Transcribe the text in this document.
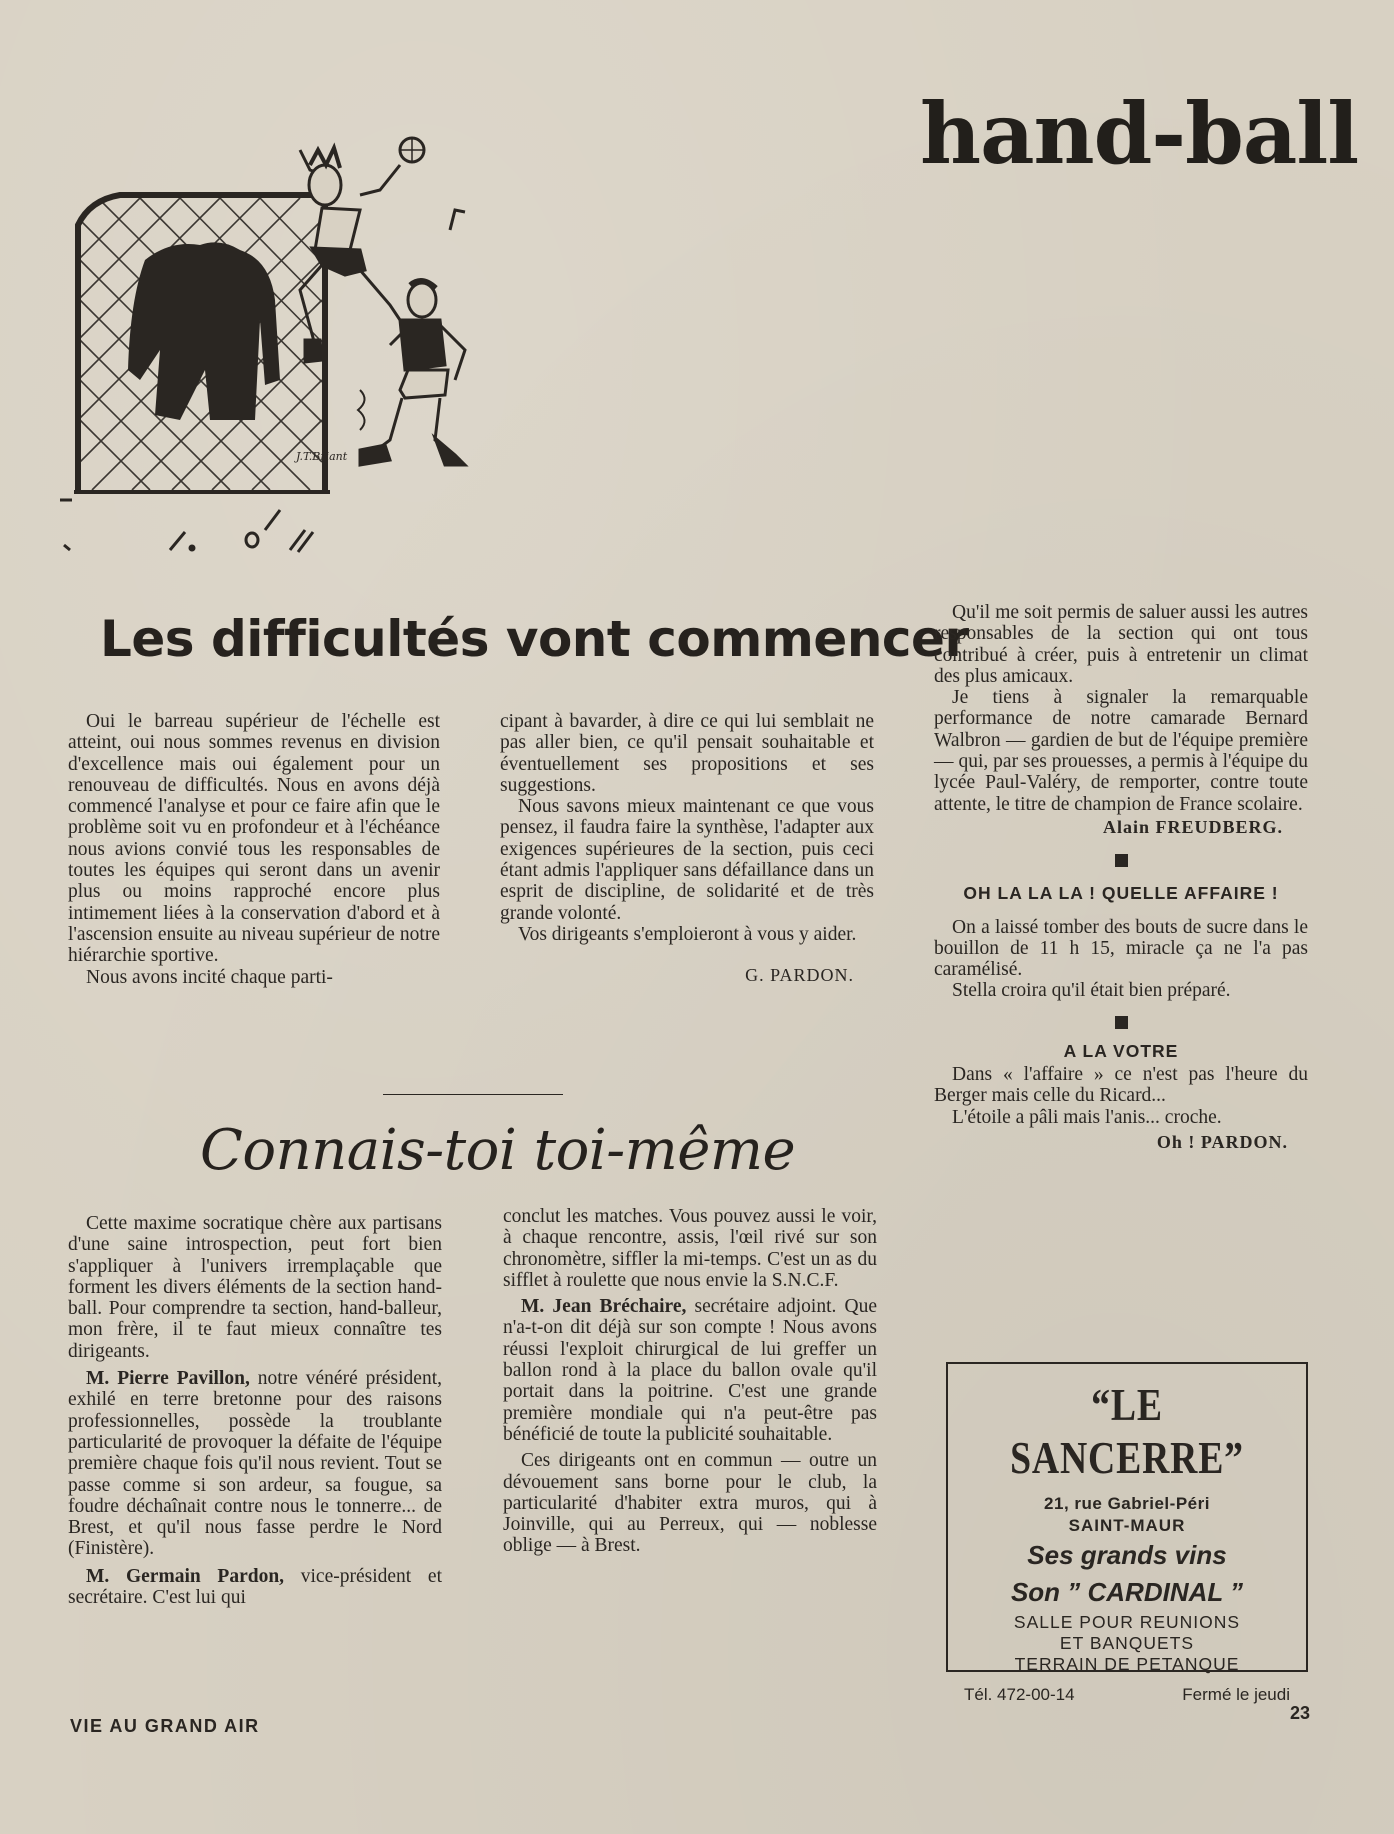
hand-ball
J.T.Briant
Les difficultés vont commencer

Oui le barreau supérieur de l'échelle est atteint, oui nous sommes revenus en division d'excellence mais oui également pour un renouveau de difficultés. Nous en avons déjà commencé l'analyse et pour ce faire afin que le problème soit vu en profondeur et à l'échéance nous avions convié tous les responsables de toutes les équipes qui seront dans un avenir plus ou moins rapproché encore plus intimement liées à la conservation d'abord et à l'ascension ensuite au niveau supérieur de notre hiérarchie sportive.

Nous avons incité chaque parti-

cipant à bavarder, à dire ce qui lui semblait ne pas aller bien, ce qu'il pensait souhaitable et éventuellement ses propositions et ses suggestions.

Nous savons mieux maintenant ce que vous pensez, il faudra faire la synthèse, l'adapter aux exigences supérieures de la section, puis ceci étant admis l'appliquer sans défaillance dans un esprit de discipline, de solidarité et de très grande volonté.

Vos dirigeants s'emploieront à vous y aider.

G. PARDON.

Connais-toi toi-même

Cette maxime socratique chère aux partisans d'une saine introspection, peut fort bien s'appliquer à l'univers irremplaçable que forment les divers éléments de la section hand-ball. Pour comprendre ta section, hand-balleur, mon frère, il te faut mieux connaître tes dirigeants.

M. Pierre Pavillon, notre vénéré président, exhilé en terre bretonne pour des raisons professionnelles, possède la troublante particularité de provoquer la défaite de l'équipe première chaque fois qu'il nous revient. Tout se passe comme si son ardeur, sa fougue, sa foudre déchaînait contre nous le tonnerre... de Brest, et qu'il nous fasse perdre le Nord (Finistère).

M. Germain Pardon, vice-président et secrétaire. C'est lui qui

conclut les matches. Vous pouvez aussi le voir, à chaque rencontre, assis, l'œil rivé sur son chronomètre, siffler la mi-temps. C'est un as du sifflet à roulette que nous envie la S.N.C.F.

M. Jean Bréchaire, secrétaire adjoint. Que n'a-t-on dit déjà sur son compte ! Nous avons réussi l'exploit chirurgical de lui greffer un ballon rond à la place du ballon ovale qu'il portait dans la poitrine. C'est une grande première mondiale qui n'a peut-être pas bénéficié de toute la publicité souhaitable.

Ces dirigeants ont en commun — outre un dévouement sans borne pour le club, la particularité d'habiter extra muros, qui à Joinville, qui au Perreux, qui — noblesse oblige — à Brest.

Qu'il me soit permis de saluer aussi les autres responsables de la section qui ont tous contribué à créer, puis à entretenir un climat des plus amicaux.

Je tiens à signaler la remarquable performance de notre camarade Bernard Walbron — gardien de but de l'équipe première — qui, par ses prouesses, a permis à l'équipe du lycée Paul-Valéry, de remporter, contre toute attente, le titre de champion de France scolaire.

Alain FREUDBERG.

OH LA LA LA ! QUELLE AFFAIRE !

On a laissé tomber des bouts de sucre dans le bouillon de 11 h 15, miracle ça ne l'a pas caramélisé.

Stella croira qu'il était bien préparé.

A LA VOTRE

Dans « l'affaire » ce n'est pas l'heure du Berger mais celle du Ricard...

L'étoile a pâli mais l'anis... croche.

Oh ! PARDON.

“LE SANCERRE”
21, rue Gabriel-Péri
SAINT-MAUR
Ses grands vins
Son ” CARDINAL ”
SALLE POUR REUNIONS
ET BANQUETS
TERRAIN DE PETANQUE
Tél. 472-00-14	Fermé le jeudi
VIE AU GRAND AIR
23
